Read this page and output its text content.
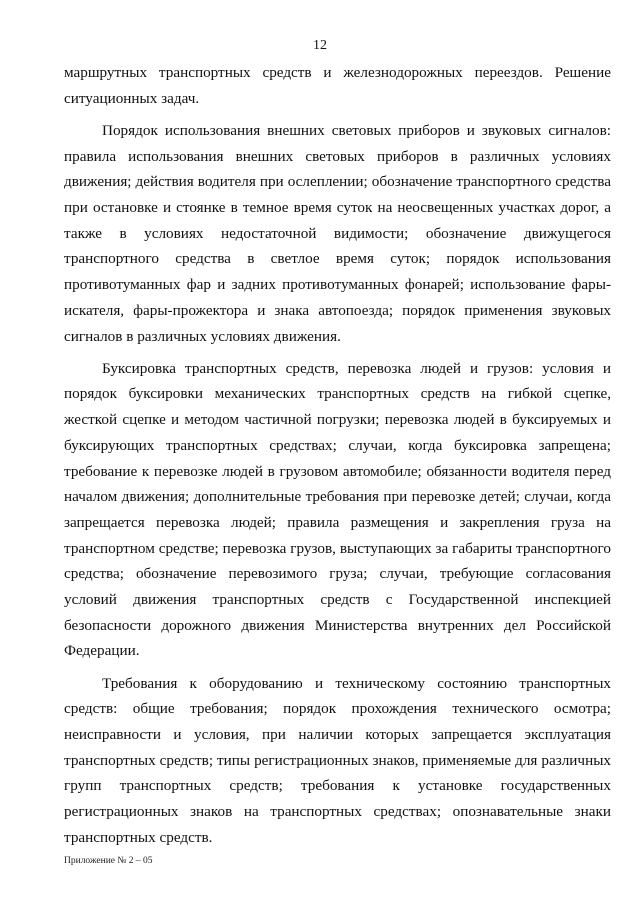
12

маршрутных транспортных средств и железнодорожных переездов. Решение ситуационных задач.

Порядок использования внешних световых приборов и звуковых сигналов: правила использования внешних световых приборов в различных условиях движения; действия водителя при ослеплении; обозначение транспортного средства при остановке и стоянке в темное время суток на неосвещенных участках дорог, а также в условиях недостаточной видимости; обозначение движущегося транспортного средства в светлое время суток; порядок использования противотуманных фар и задних противотуманных фонарей; использование фары-искателя, фары-прожектора и знака автопоезда; порядок применения звуковых сигналов в различных условиях движения.

Буксировка транспортных средств, перевозка людей и грузов: условия и порядок буксировки механических транспортных средств на гибкой сцепке, жесткой сцепке и методом частичной погрузки; перевозка людей в буксируемых и буксирующих транспортных средствах; случаи, когда буксировка запрещена; требование к перевозке людей в грузовом автомобиле; обязанности водителя перед началом движения; дополнительные требования при перевозке детей; случаи, когда запрещается перевозка людей; правила размещения и закрепления груза на транспортном средстве; перевозка грузов, выступающих за габариты транспортного средства; обозначение перевозимого груза; случаи, требующие согласования условий движения транспортных средств с Государственной инспекцией безопасности дорожного движения Министерства внутренних дел Российской Федерации.

Требования к оборудованию и техническому состоянию транспортных средств: общие требования; порядок прохождения технического осмотра; неисправности и условия, при наличии которых запрещается эксплуатация транспортных средств; типы регистрационных знаков, применяемые для различных групп транспортных средств; требования к установке государственных регистрационных знаков на транспортных средствах; опознавательные знаки транспортных средств.

Приложение № 2 – 05
